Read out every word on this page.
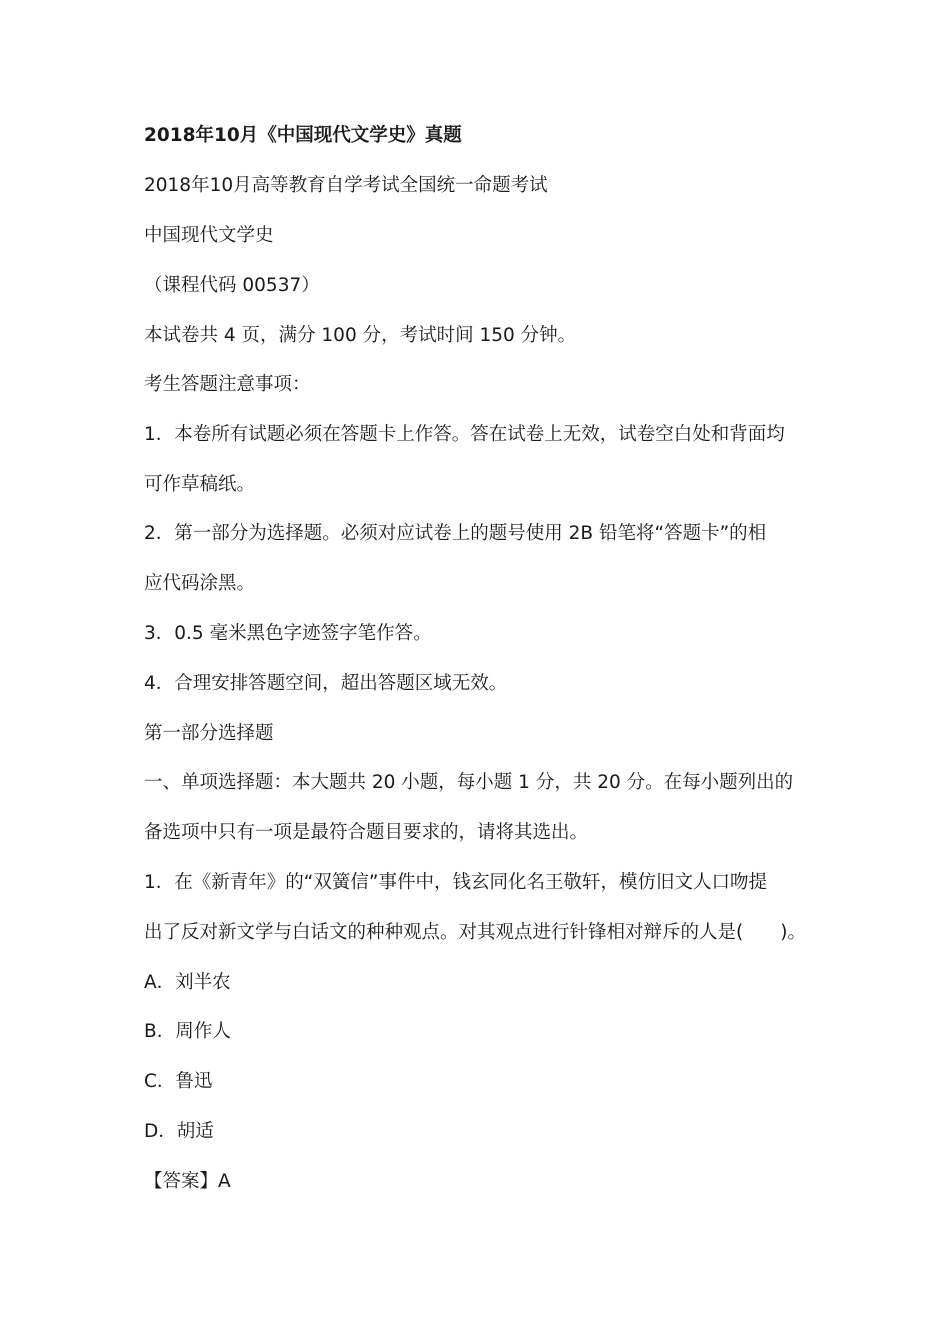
2018年10月《中国现代文学史》真题
2018年10月高等教育自学考试全国统一命题考试
中国现代文学史
（课程代码 00537）
本试卷共 4 页，满分 100 分，考试时间 150 分钟。
考生答题注意事项：
1．本卷所有试题必须在答题卡上作答。答在试卷上无效，试卷空白处和背面均
可作草稿纸。
2．第一部分为选择题。必须对应试卷上的题号使用 2B 铅笔将“答题卡”的相
应代码涂黑。
3．0.5 毫米黑色字迹签字笔作答。
4．合理安排答题空间，超出答题区域无效。
第一部分选择题
一、单项选择题：本大题共 20 小题，每小题 1 分，共 20 分。在每小题列出的
备选项中只有一项是最符合题目要求的，请将其选出。
1．在《新青年》的“双簧信”事件中，钱玄同化名王敬轩，模仿旧文人口吻提
出了反对新文学与白话文的种种观点。对其观点进行针锋相对辩斥的人是(　　)。
A．刘半农
B．周作人
C．鲁迅
D．胡适
【答案】A
